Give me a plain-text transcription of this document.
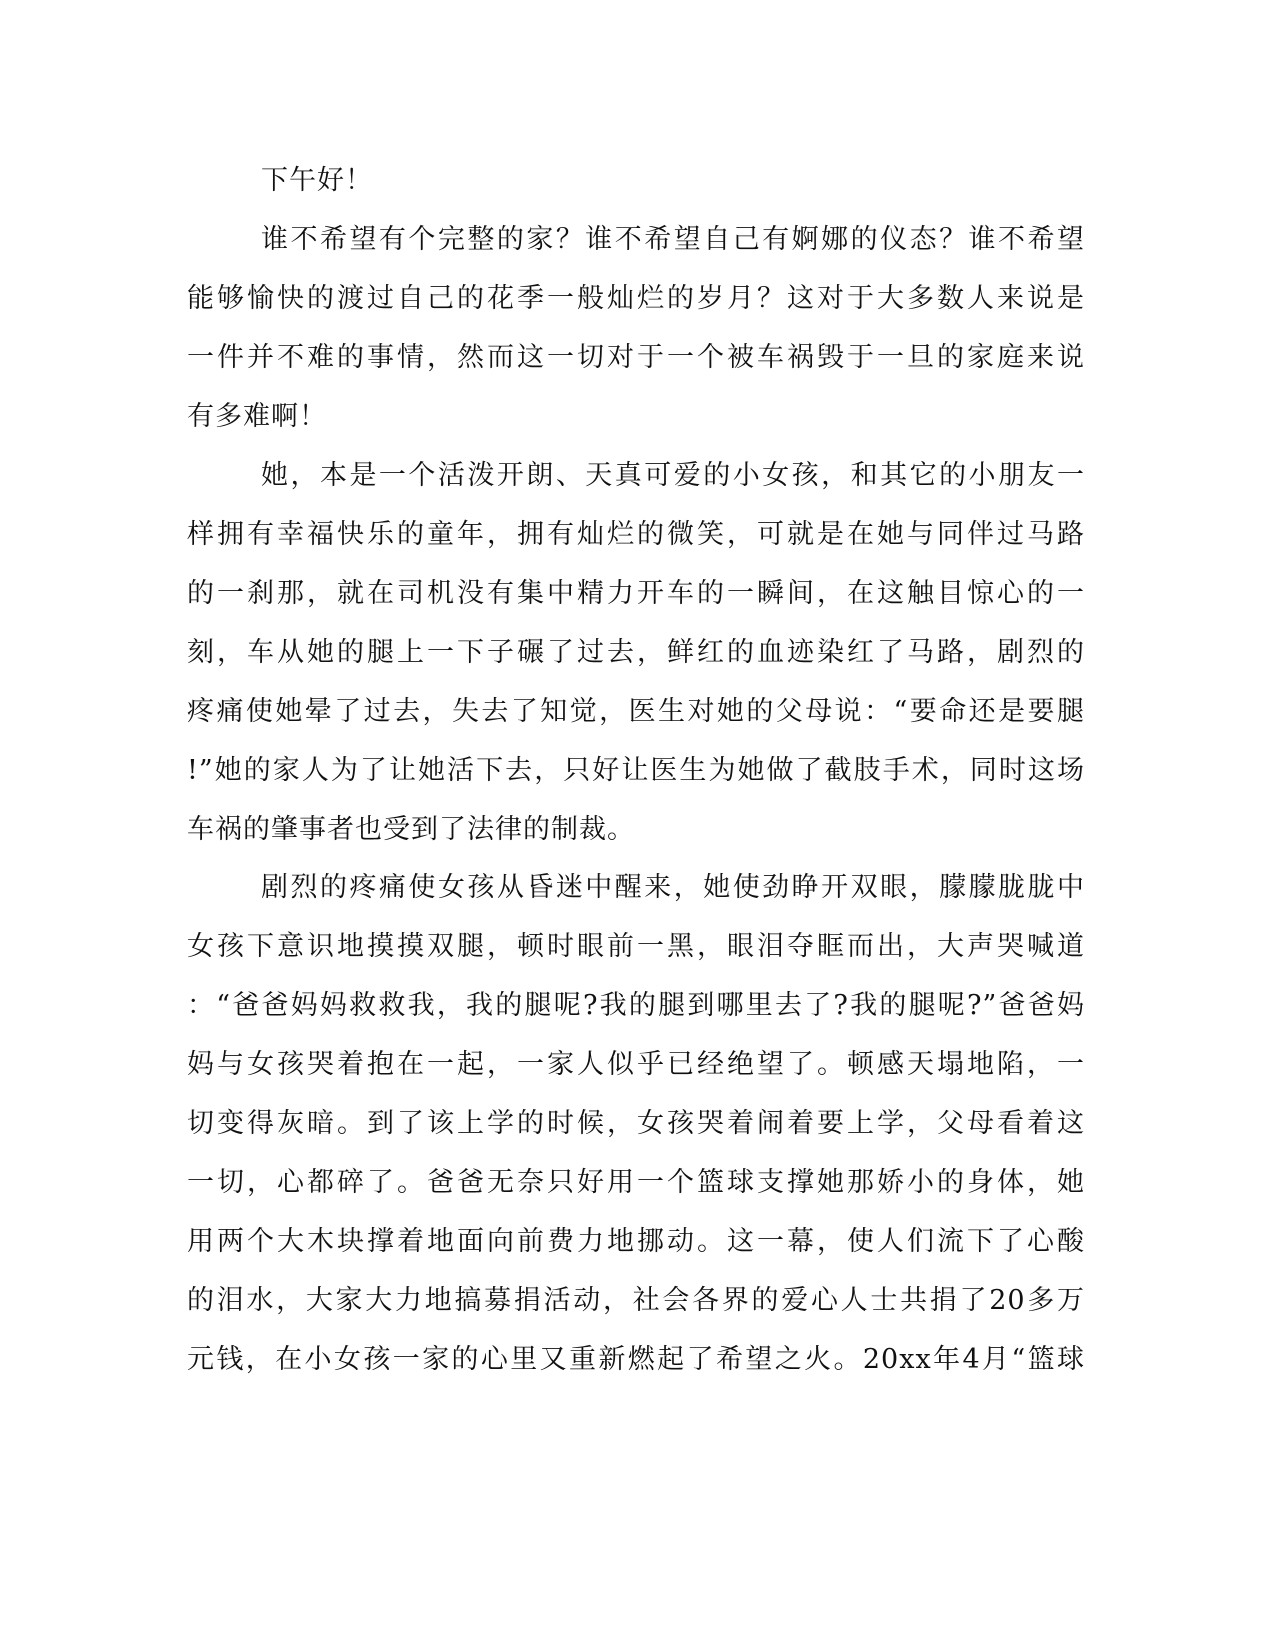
下午好！

谁不希望有个完整的家？谁不希望自己有婀娜的仪态？谁不希望

能够愉快的渡过自己的花季一般灿烂的岁月？这对于大多数人来说是

一件并不难的事情，然而这一切对于一个被车祸毁于一旦的家庭来说

有多难啊！

她，本是一个活泼开朗、天真可爱的小女孩，和其它的小朋友一

样拥有幸福快乐的童年，拥有灿烂的微笑，可就是在她与同伴过马路

的一刹那，就在司机没有集中精力开车的一瞬间，在这触目惊心的一

刻，车从她的腿上一下子碾了过去，鲜红的血迹染红了马路，剧烈的

疼痛使她晕了过去，失去了知觉，医生对她的父母说：“要命还是要腿

!”她的家人为了让她活下去，只好让医生为她做了截肢手术，同时这场

车祸的肇事者也受到了法律的制裁。

剧烈的疼痛使女孩从昏迷中醒来，她使劲睁开双眼，朦朦胧胧中

女孩下意识地摸摸双腿，顿时眼前一黑，眼泪夺眶而出，大声哭喊道

：“爸爸妈妈救救我，我的腿呢?我的腿到哪里去了?我的腿呢?”爸爸妈

妈与女孩哭着抱在一起，一家人似乎已经绝望了。顿感天塌地陷，一

切变得灰暗。到了该上学的时候，女孩哭着闹着要上学，父母看着这

一切，心都碎了。爸爸无奈只好用一个篮球支撑她那娇小的身体，她

用两个大木块撑着地面向前费力地挪动。这一幕，使人们流下了心酸

的泪水，大家大力地搞募捐活动，社会各界的爱心人士共捐了20多万

元钱，在小女孩一家的心里又重新燃起了希望之火。20xx年4月“篮球
